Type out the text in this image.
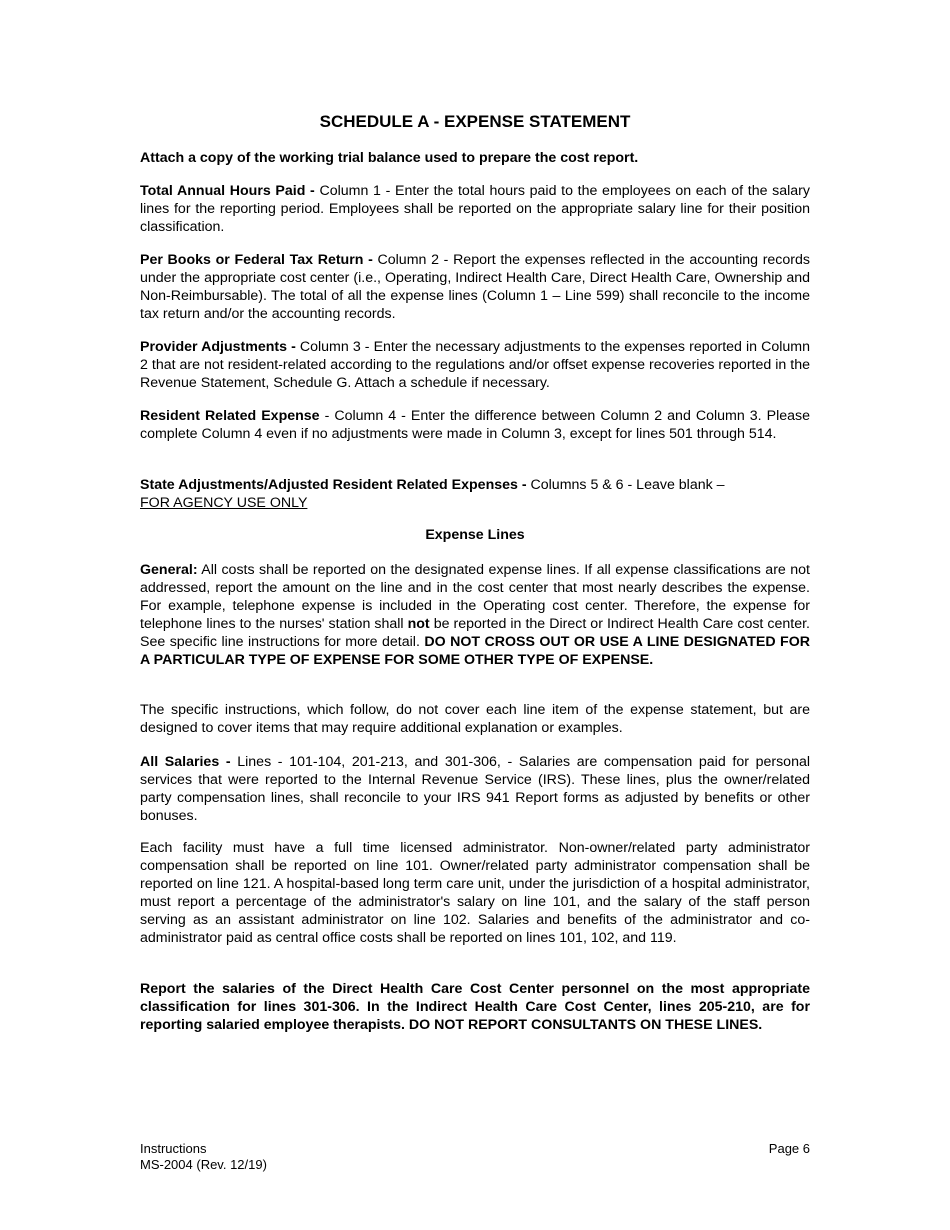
SCHEDULE A - EXPENSE STATEMENT

Attach a copy of the working trial balance used to prepare the cost report.

Total Annual Hours Paid - Column 1 - Enter the total hours paid to the employees on each of the salary lines for the reporting period. Employees shall be reported on the appropriate salary line for their position classification.

Per Books or Federal Tax Return - Column 2 - Report the expenses reflected in the accounting records under the appropriate cost center (i.e., Operating, Indirect Health Care, Direct Health Care, Ownership and Non-Reimbursable). The total of all the expense lines (Column 1 – Line 599) shall reconcile to the income tax return and/or the accounting records.

Provider Adjustments - Column 3 - Enter the necessary adjustments to the expenses reported in Column 2 that are not resident-related according to the regulations and/or offset expense recoveries reported in the Revenue Statement, Schedule G. Attach a schedule if necessary.

Resident Related Expense - Column 4 - Enter the difference between Column 2 and Column 3. Please complete Column 4 even if no adjustments were made in Column 3, except for lines 501 through 514.

State Adjustments/Adjusted Resident Related Expenses - Columns 5 & 6 - Leave blank –
FOR AGENCY USE ONLY

Expense Lines

General: All costs shall be reported on the designated expense lines. If all expense classifications are not addressed, report the amount on the line and in the cost center that most nearly describes the expense. For example, telephone expense is included in the Operating cost center. Therefore, the expense for telephone lines to the nurses' station shall not be reported in the Direct or Indirect Health Care cost center. See specific line instructions for more detail. DO NOT CROSS OUT OR USE A LINE DESIGNATED FOR A PARTICULAR TYPE OF EXPENSE FOR SOME OTHER TYPE OF EXPENSE.

The specific instructions, which follow, do not cover each line item of the expense statement, but are designed to cover items that may require additional explanation or examples.

All Salaries - Lines - 101-104, 201-213, and 301-306, - Salaries are compensation paid for personal services that were reported to the Internal Revenue Service (IRS). These lines, plus the owner/related party compensation lines, shall reconcile to your IRS 941 Report forms as adjusted by benefits or other bonuses.

Each facility must have a full time licensed administrator. Non-owner/related party administrator compensation shall be reported on line 101. Owner/related party administrator compensation shall be reported on line 121. A hospital-based long term care unit, under the jurisdiction of a hospital administrator, must report a percentage of the administrator's salary on line 101, and the salary of the staff person serving as an assistant administrator on line 102. Salaries and benefits of the administrator and co-administrator paid as central office costs shall be reported on lines 101, 102, and 119.

Report the salaries of the Direct Health Care Cost Center personnel on the most appropriate classification for lines 301-306. In the Indirect Health Care Cost Center, lines 205-210, are for reporting salaried employee therapists. DO NOT REPORT CONSULTANTS ON THESE LINES.

Instructions
MS-2004 (Rev. 12/19)
Page 6
